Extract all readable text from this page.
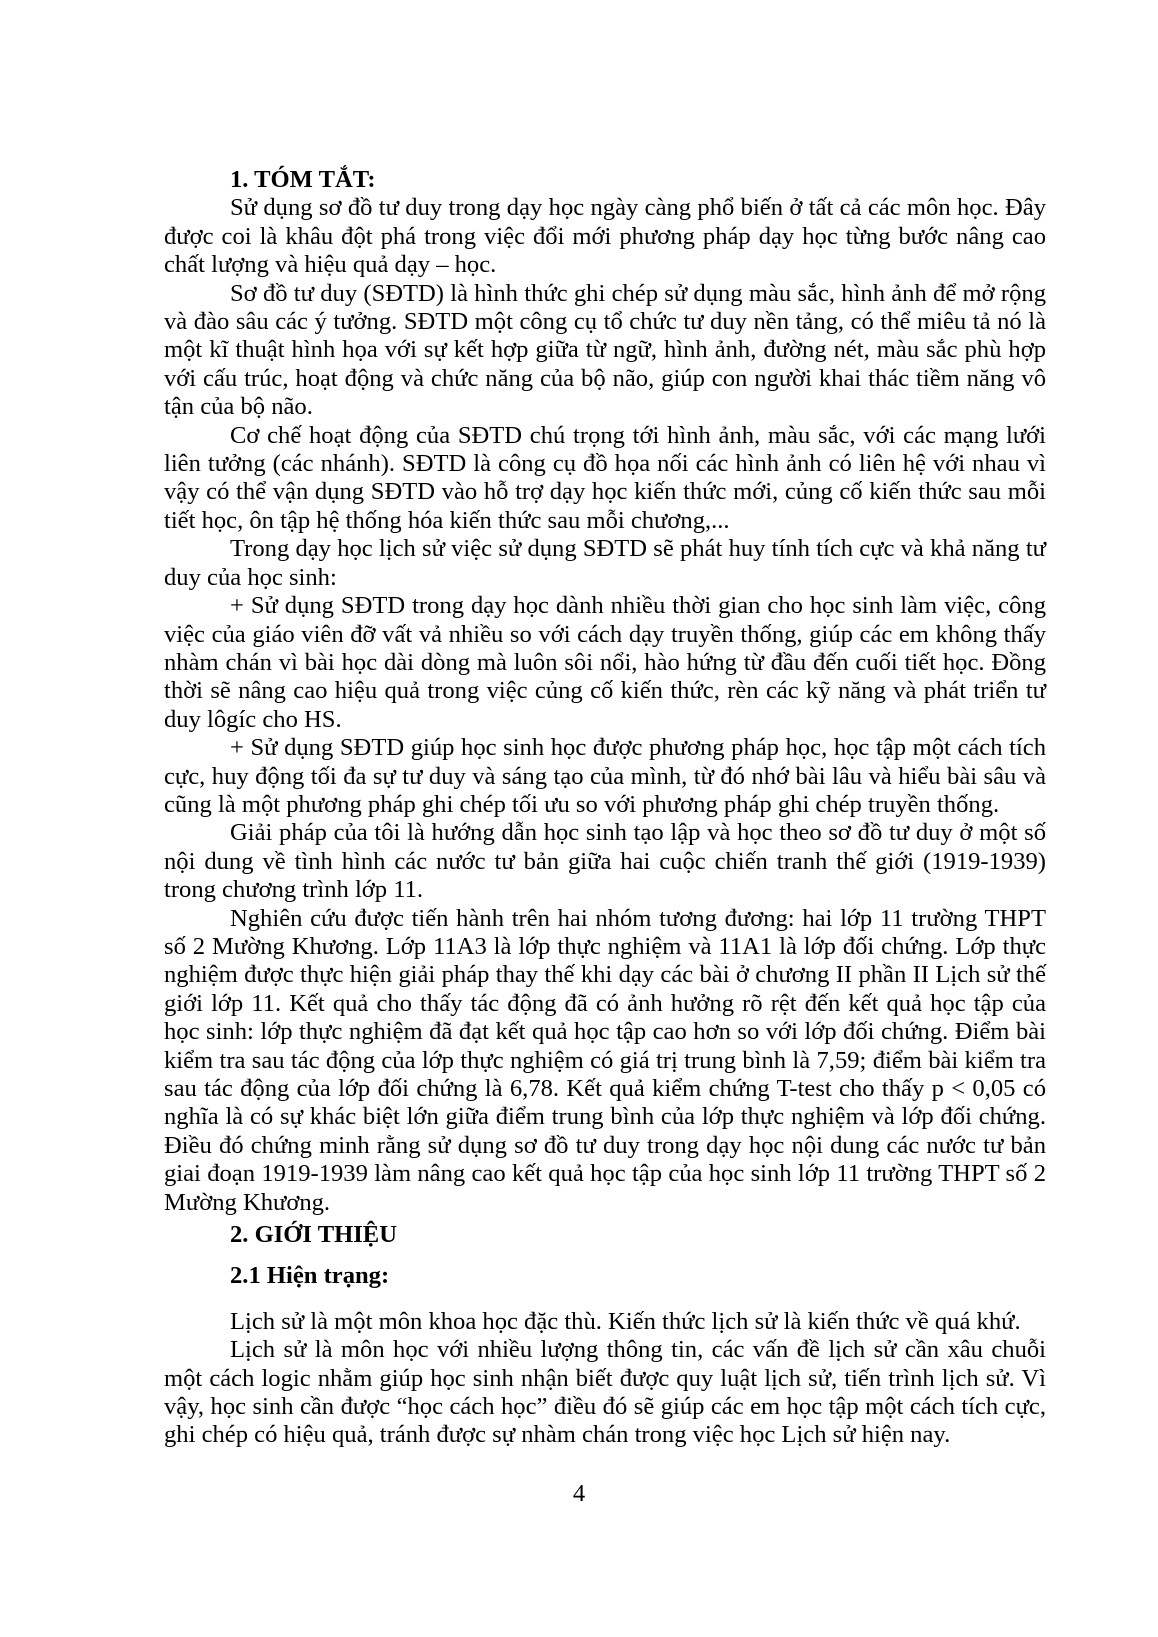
1. TÓM TẮT:

Sử dụng sơ đồ tư duy trong dạy học ngày càng phổ biến ở tất cả các môn học. Đây được coi là khâu đột phá trong việc đổi mới phương pháp dạy học từng bước nâng cao chất lượng và hiệu quả dạy – học.

Sơ đồ tư duy (SĐTD) là hình thức ghi chép sử dụng màu sắc, hình ảnh để mở rộng và đào sâu các ý tưởng. SĐTD một công cụ tổ chức tư duy nền tảng, có thể miêu tả nó là một kĩ thuật hình họa với sự kết hợp giữa từ ngữ, hình ảnh, đường nét, màu sắc phù hợp với cấu trúc, hoạt động và chức năng của bộ não, giúp con người khai thác tiềm năng vô tận của bộ não.

Cơ chế hoạt động của SĐTD chú trọng tới hình ảnh, màu sắc, với các mạng lưới liên tưởng (các nhánh). SĐTD là công cụ đồ họa nối các hình ảnh có liên hệ với nhau vì vậy có thể vận dụng SĐTD vào hỗ trợ dạy học kiến thức mới, củng cố kiến thức sau mỗi tiết học, ôn tập hệ thống hóa kiến thức sau mỗi chương,...

Trong dạy học lịch sử việc sử dụng SĐTD sẽ phát huy tính tích cực và khả năng tư duy của học sinh:

+ Sử dụng SĐTD trong dạy học dành nhiều thời gian cho học sinh làm việc, công việc của giáo viên đỡ vất vả nhiều so với cách dạy truyền thống, giúp các em không thấy nhàm chán vì bài học dài dòng mà luôn sôi nổi, hào hứng từ đầu đến cuối tiết học. Đồng thời sẽ nâng cao hiệu quả trong việc củng cố kiến thức, rèn các kỹ năng và phát triển tư duy lôgíc cho HS.

+ Sử dụng SĐTD giúp học sinh học được phương pháp học, học tập một cách tích cực, huy động tối đa sự tư duy và sáng tạo của mình, từ đó nhớ bài lâu và hiểu bài sâu và cũng là một phương pháp ghi chép tối ưu so với phương pháp ghi chép truyền thống.

Giải pháp của tôi là hướng dẫn học sinh tạo lập và học theo sơ đồ tư duy ở một số nội dung về tình hình các nước tư bản giữa hai cuộc chiến tranh thế giới (1919-1939) trong chương trình lớp 11.

Nghiên cứu được tiến hành trên hai nhóm tương đương: hai lớp 11 trường THPT số 2 Mường Khương. Lớp 11A3 là lớp thực nghiệm và 11A1 là lớp đối chứng. Lớp thực nghiệm được thực hiện giải pháp thay thế khi dạy các bài ở chương II phần II Lịch sử thế giới lớp 11. Kết quả cho thấy tác động đã có ảnh hưởng rõ rệt đến kết quả học tập của học sinh: lớp thực nghiệm đã đạt kết quả học tập cao hơn so với lớp đối chứng. Điểm bài kiểm tra sau tác động của lớp thực nghiệm có giá trị trung bình là 7,59; điểm bài kiểm tra sau tác động của lớp đối chứng là 6,78. Kết quả kiểm chứng T-test cho thấy p < 0,05 có nghĩa là có sự khác biệt lớn giữa điểm trung bình của lớp thực nghiệm và lớp đối chứng. Điều đó chứng minh rằng sử dụng sơ đồ tư duy trong dạy học nội dung các nước tư bản giai đoạn 1919-1939 làm nâng cao kết quả học tập của học sinh lớp 11 trường THPT số 2 Mường Khương.

2. GIỚI THIỆU
2.1 Hiện trạng:

Lịch sử là một môn khoa học đặc thù. Kiến thức lịch sử là kiến thức về quá khứ.

Lịch sử là môn học với nhiều lượng thông tin, các vấn đề lịch sử cần xâu chuỗi một cách logic nhằm giúp học sinh nhận biết được quy luật lịch sử, tiến trình lịch sử. Vì vậy, học sinh cần được “học cách học” điều đó sẽ giúp các em học tập một cách tích cực, ghi chép có hiệu quả, tránh được sự nhàm chán trong việc học Lịch sử hiện nay.

4
